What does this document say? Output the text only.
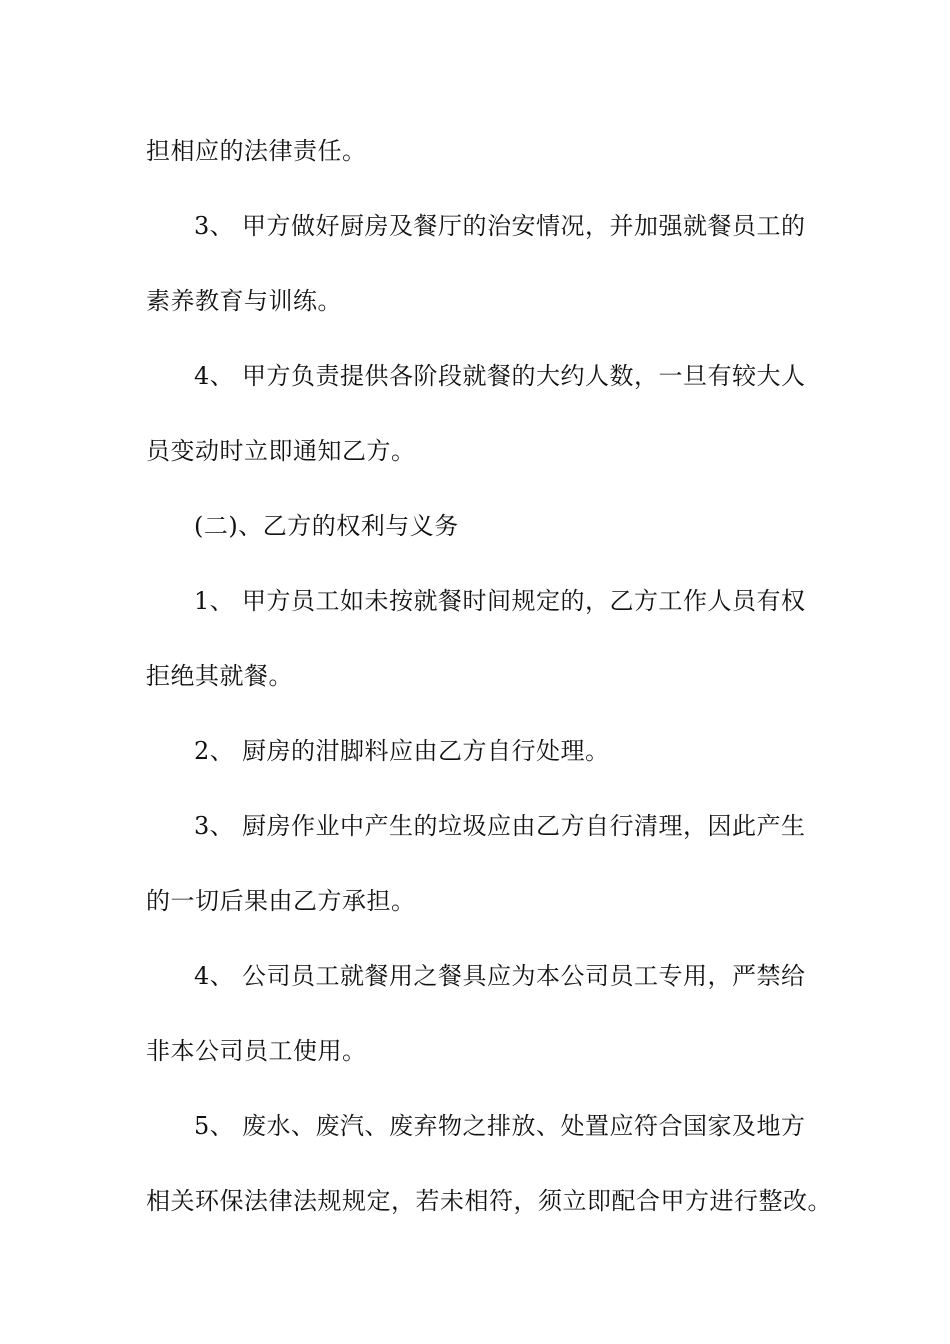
担相应的法律责任。
3、 甲方做好厨房及餐厅的治安情况，并加强就餐员工的
素养教育与训练。
4、 甲方负责提供各阶段就餐的大约人数，一旦有较大人
员变动时立即通知乙方。
(二)、乙方的权利与义务
1、 甲方员工如未按就餐时间规定的，乙方工作人员有权
拒绝其就餐。
2、 厨房的泔脚料应由乙方自行处理。
3、 厨房作业中产生的垃圾应由乙方自行清理，因此产生
的一切后果由乙方承担。
4、 公司员工就餐用之餐具应为本公司员工专用，严禁给
非本公司员工使用。
5、 废水、废汽、废弃物之排放、处置应符合国家及地方
相关环保法律法规规定，若未相符，须立即配合甲方进行整改。
